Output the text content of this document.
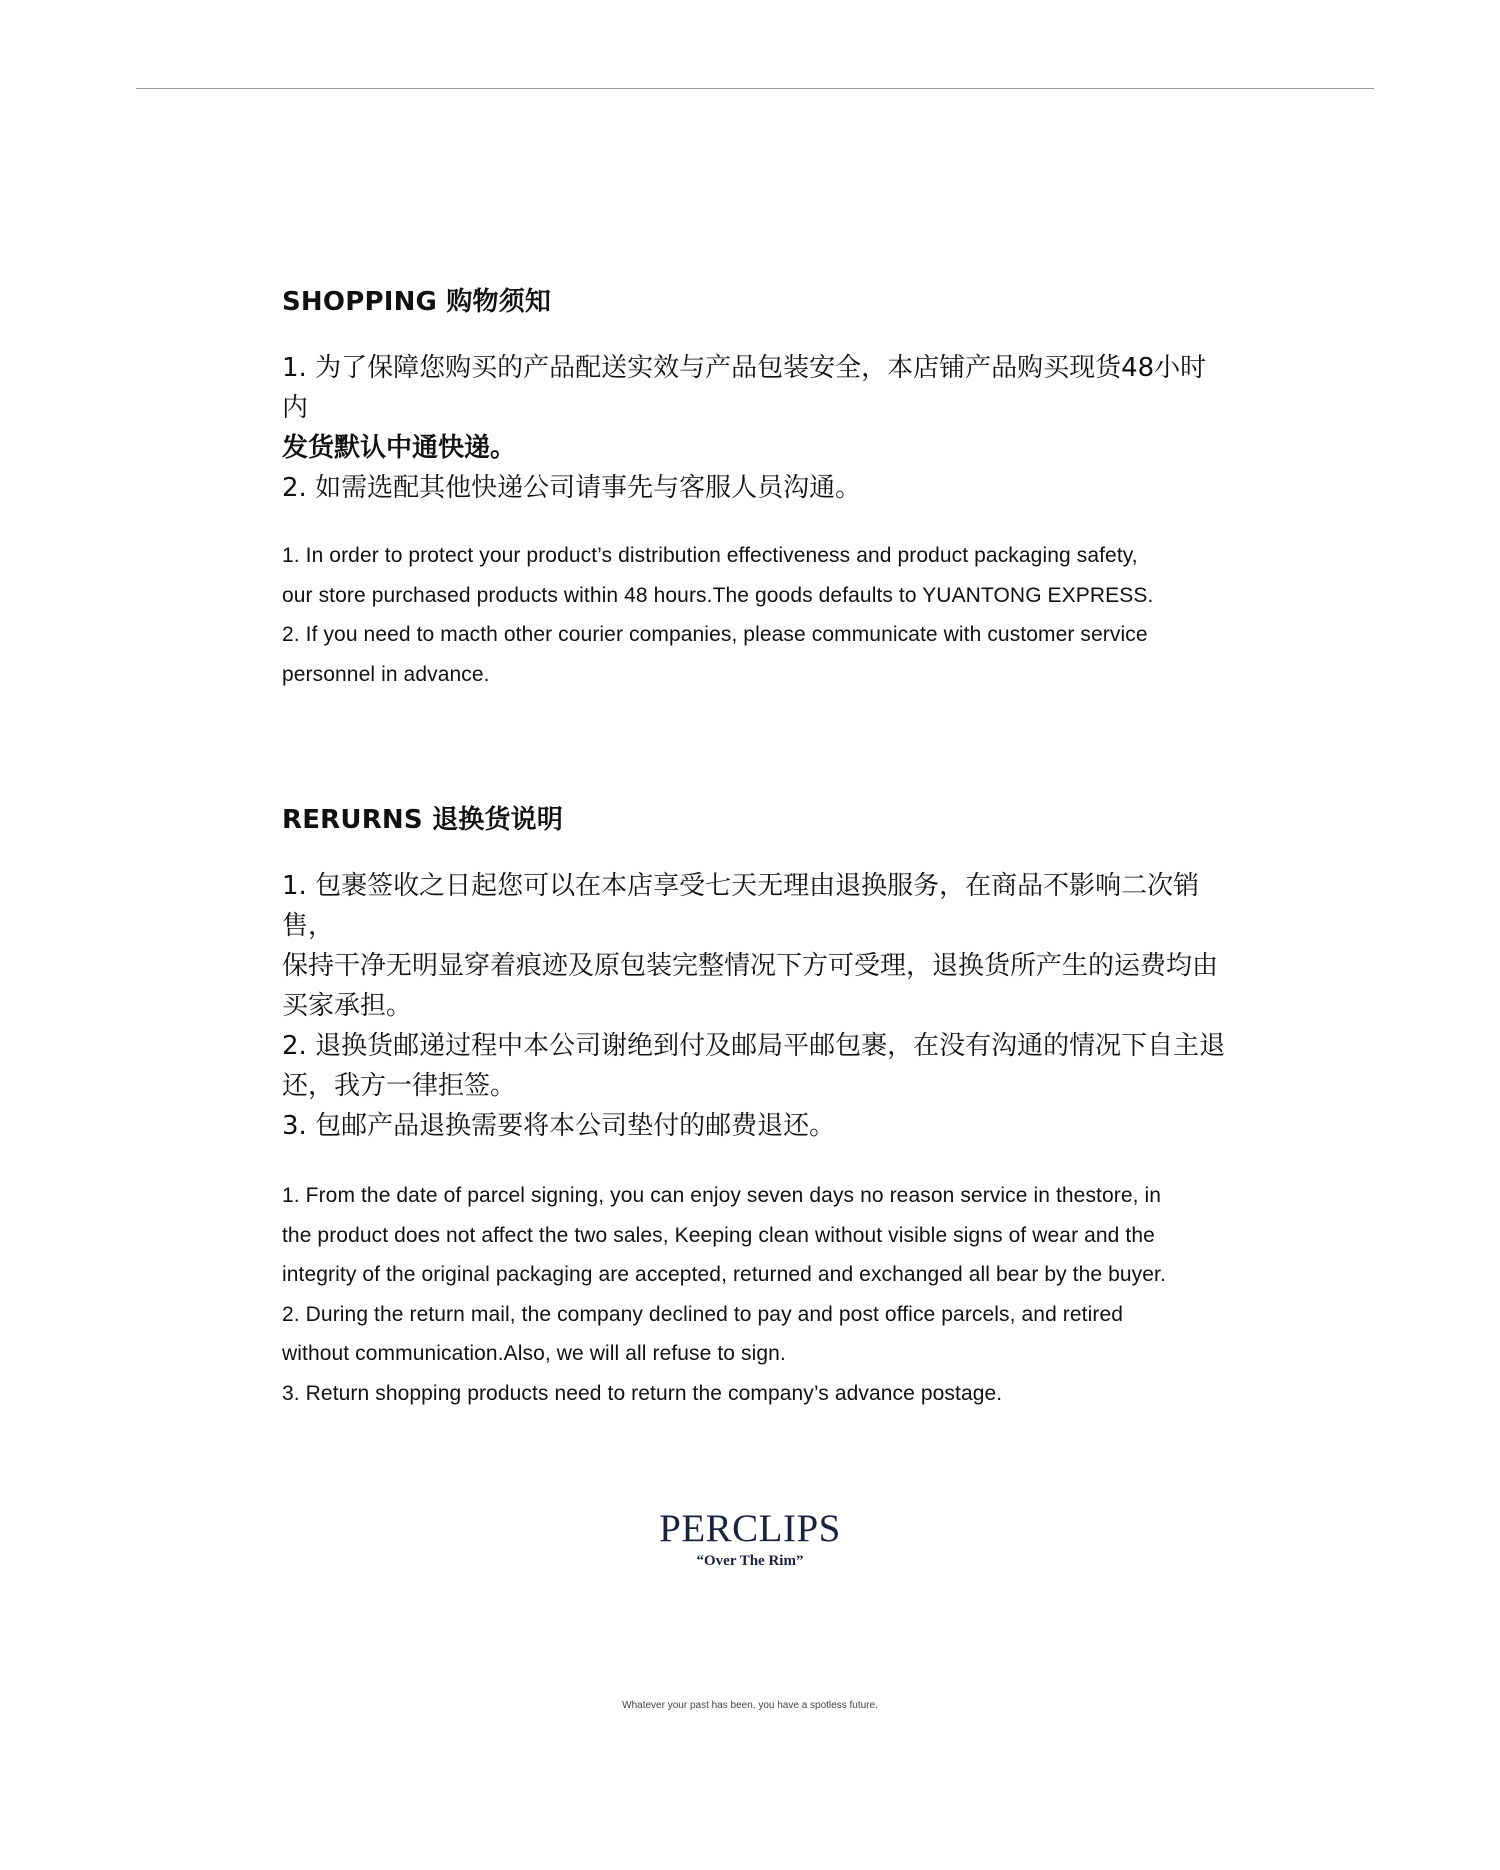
SHOPPING 购物须知

1. 为了保障您购买的产品配送实效与产品包装安全，本店铺产品购买现货48小时内

发货默认中通快递。

2. 如需选配其他快递公司请事先与客服人员沟通。

1. In order to protect your product’s distribution effectiveness and product packaging safety,

our store purchased products within 48 hours.The goods defaults to YUANTONG EXPRESS.

2. If you need to macth other courier companies, please communicate with customer service

personnel in advance.

RERURNS 退换货说明

1. 包裹签收之日起您可以在本店享受七天无理由退换服务，在商品不影响二次销售，

保持干净无明显穿着痕迹及原包装完整情况下方可受理，退换货所产生的运费均由

买家承担。

2. 退换货邮递过程中本公司谢绝到付及邮局平邮包裹，在没有沟通的情况下自主退

还，我方一律拒签。

3. 包邮产品退换需要将本公司垫付的邮费退还。

1. From the date of parcel signing, you can enjoy seven days no reason service in thestore, in

the product does not affect the two sales, Keeping clean without visible signs of wear and the

integrity of the original packaging are accepted, returned and exchanged all bear by the buyer.

2. During the return mail, the company declined to pay and post office parcels, and retired

without communication.Also, we will all refuse to sign.

3. Return shopping products need to return the company’s advance postage.

PERCLIPS
“Over The Rim”
Whatever your past has been, you have a spotless future.
